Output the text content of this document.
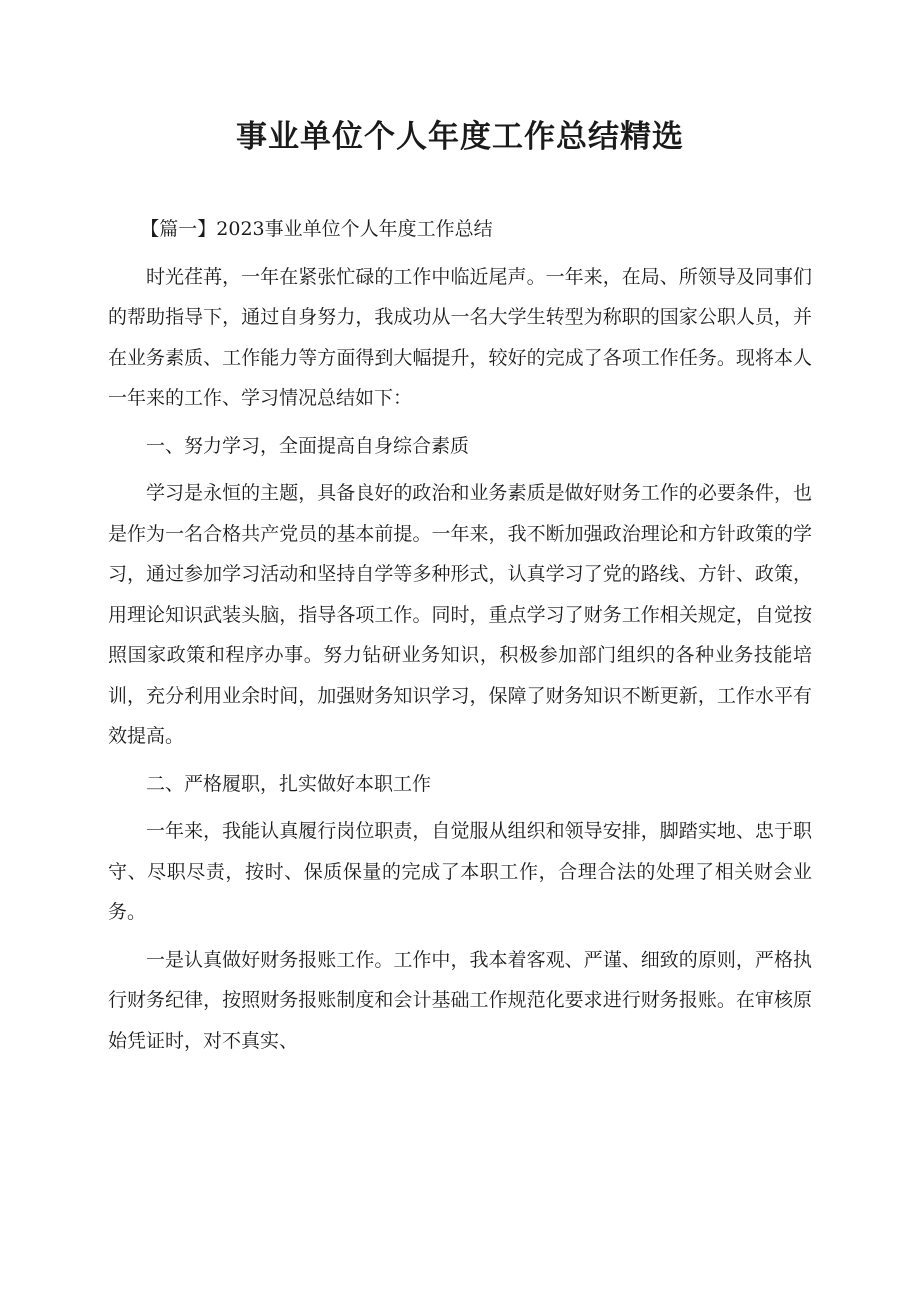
事业单位个人年度工作总结精选

【篇一】2023事业单位个人年度工作总结

时光荏苒，一年在紧张忙碌的工作中临近尾声。一年来，在局、所领导及同事们的帮助指导下，通过自身努力，我成功从一名大学生转型为称职的国家公职人员，并在业务素质、工作能力等方面得到大幅提升，较好的完成了各项工作任务。现将本人一年来的工作、学习情况总结如下：

一、努力学习，全面提高自身综合素质

学习是永恒的主题，具备良好的政治和业务素质是做好财务工作的必要条件，也是作为一名合格共产党员的基本前提。一年来，我不断加强政治理论和方针政策的学习，通过参加学习活动和坚持自学等多种形式，认真学习了党的路线、方针、政策，用理论知识武装头脑，指导各项工作。同时，重点学习了财务工作相关规定，自觉按照国家政策和程序办事。努力钻研业务知识，积极参加部门组织的各种业务技能培训，充分利用业余时间，加强财务知识学习，保障了财务知识不断更新，工作水平有效提高。

二、严格履职，扎实做好本职工作

一年来，我能认真履行岗位职责，自觉服从组织和领导安排，脚踏实地、忠于职守、尽职尽责，按时、保质保量的完成了本职工作，合理合法的处理了相关财会业务。

一是认真做好财务报账工作。工作中，我本着客观、严谨、细致的原则，严格执行财务纪律，按照财务报账制度和会计基础工作规范化要求进行财务报账。在审核原始凭证时，对不真实、
